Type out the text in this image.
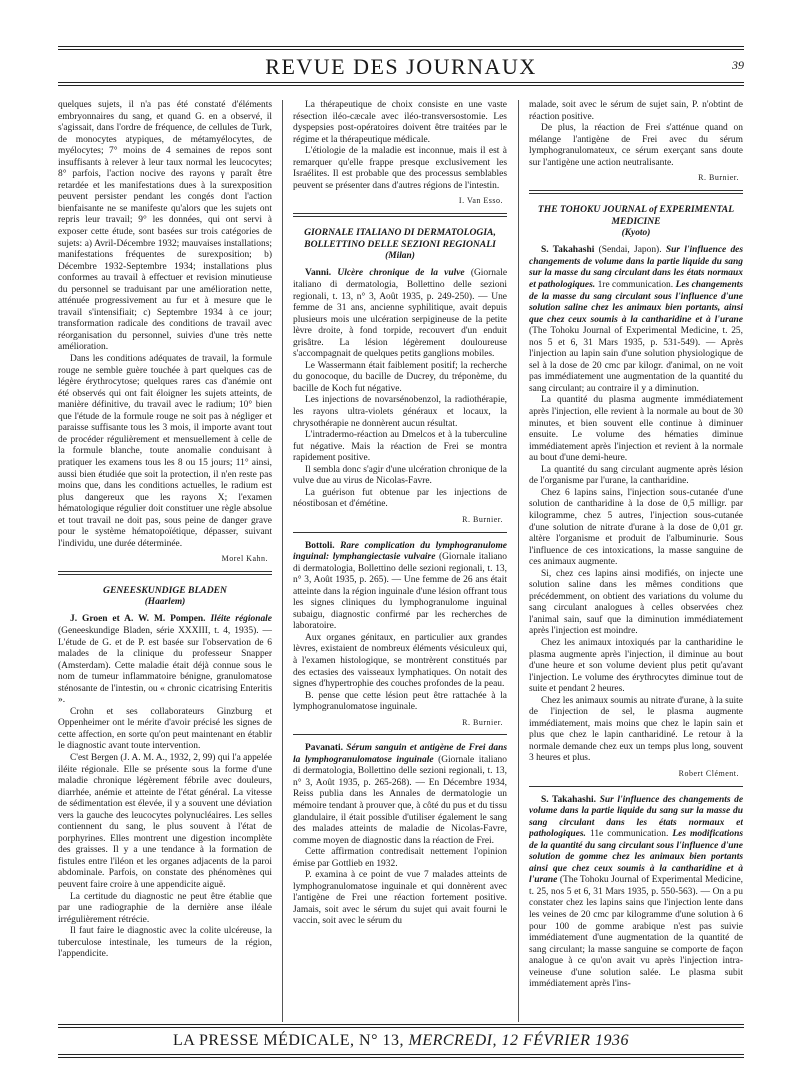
REVUE DES JOURNAUX	39

quelques sujets, il n'a pas été constaté d'éléments embryonnaires du sang, et quand G. en a observé, il s'agissait, dans l'ordre de fréquence, de cellules de Turk, de monocytes atypiques, de métamyélocytes, de myélocytes; 7° moins de 4 semaines de repos sont insuffisants à relever à leur taux normal les leucocytes; 8° parfois, l'action nocive des rayons γ paraît être retardée et les manifestations dues à la surexposition peuvent persister pendant les congés dont l'action bienfaisante ne se manifeste qu'alors que les sujets ont repris leur travail; 9° les données, qui ont servi à exposer cette étude, sont basées sur trois catégories de sujets: a) Avril-Décembre 1932; mauvaises installations; manifestations fréquentes de surexposition; b) Décembre 1932-Septembre 1934; installations plus conformes au travail à effectuer et revision minutieuse du personnel se traduisant par une amélioration nette, atténuée progressivement au fur et à mesure que le travail s'intensifiait; c) Septembre 1934 à ce jour; transformation radicale des conditions de travail avec réorganisation du personnel, suivies d'une très nette amélioration.

Dans les conditions adéquates de travail, la formule rouge ne semble guère touchée à part quelques cas de légère érythrocytose; quelques rares cas d'anémie ont été observés qui ont fait éloigner les sujets atteints, de manière définitive, du travail avec le radium; 10° bien que l'étude de la formule rouge ne soit pas à négliger et paraisse suffisante tous les 3 mois, il importe avant tout de procéder régulièrement et mensuellement à celle de la formule blanche, toute anomalie conduisant à pratiquer les examens tous les 8 ou 15 jours; 11° ainsi, aussi bien étudiée que soit la protection, il n'en reste pas moins que, dans les conditions actuelles, le radium est plus dangereux que les rayons X; l'examen hématologique régulier doit constituer une règle absolue et tout travail ne doit pas, sous peine de danger grave pour le système hématopoïétique, dépasser, suivant l'individu, une durée déterminée.

Morel Kahn.
GENEESKUNDIGE BLADEN
(Haarlem)

J. Groen et A. W. M. Pompen. Iléite régionale (Geneeskundige Bladen, série XXXIII, t. 4, 1935). — L'étude de G. et de P. est basée sur l'observation de 6 malades de la clinique du professeur Snapper (Amsterdam). Cette maladie était déjà connue sous le nom de tumeur inflammatoire bénigne, granulomatose sténosante de l'intestin, ou « chronic cicatrising Enteritis ».

Crohn et ses collaborateurs Ginzburg et Oppenheimer ont le mérite d'avoir précisé les signes de cette affection, en sorte qu'on peut maintenant en établir le diagnostic avant toute intervention.

C'est Bergen (J. A. M. A., 1932, 2, 99) qui l'a appelée iléite régionale. Elle se présente sous la forme d'une maladie chronique légèrement fébrile avec douleurs, diarrhée, anémie et atteinte de l'état général. La vitesse de sédimentation est élevée, il y a souvent une déviation vers la gauche des leucocytes polynucléaires. Les selles contiennent du sang, le plus souvent à l'état de porphyrines. Elles montrent une digestion incomplète des graisses. Il y a une tendance à la formation de fistules entre l'iléon et les organes adjacents de la paroi abdominale. Parfois, on constate des phénomènes qui peuvent faire croire à une appendicite aiguë.

La certitude du diagnostic ne peut être établie que par une radiographie de la dernière anse iléale irrégulièrement rétrécie.

Il faut faire le diagnostic avec la colite ulcéreuse, la tuberculose intestinale, les tumeurs de la région, l'appendicite.

La thérapeutique de choix consiste en une vaste résection iléo-cæcale avec iléo-transversostomie. Les dyspepsies post-opératoires doivent être traitées par le régime et la thérapeutique médicale.

L'étiologie de la maladie est inconnue, mais il est à remarquer qu'elle frappe presque exclusivement les Israélites. Il est probable que des processus semblables peuvent se présenter dans d'autres régions de l'intestin.

I. Van Esso.
GIORNALE ITALIANO DI DERMATOLOGIA, BOLLETTINO DELLE SEZIONI REGIONALI
(Milan)

Vanni. Ulcère chronique de la vulve (Giornale italiano di dermatologia, Bollettino delle sezioni regionali, t. 13, n° 3, Août 1935, p. 249-250). — Une femme de 31 ans, ancienne syphilitique, avait depuis plusieurs mois une ulcération serpigineuse de la petite lèvre droite, à fond torpide, recouvert d'un enduit grisâtre. La lésion légèrement douloureuse s'accompagnait de quelques petits ganglions mobiles.

Le Wassermann était faiblement positif; la recherche du gonocoque, du bacille de Ducrey, du tréponème, du bacille de Koch fut négative.

Les injections de novarsénobenzol, la radiothérapie, les rayons ultra-violets généraux et locaux, la chrysothérapie ne donnèrent aucun résultat.

L'intradermo-réaction au Dmelcos et à la tuberculine fut négative. Mais la réaction de Frei se montra rapidement positive.

Il sembla donc s'agir d'une ulcération chronique de la vulve due au virus de Nicolas-Favre.

La guérison fut obtenue par les injections de néostibosan et d'émétine.

R. Burnier.

Bottoli. Rare complication du lymphogranulome inguinal: lymphangiectasie vulvaire (Giornale italiano di dermatologia, Bollettino delle sezioni regionali, t. 13, n° 3, Août 1935, p. 265). — Une femme de 26 ans était atteinte dans la région inguinale d'une lésion offrant tous les signes cliniques du lymphogranulome inguinal subaigu, diagnostic confirmé par les recherches de laboratoire.

Aux organes génitaux, en particulier aux grandes lèvres, existaient de nombreux éléments vésiculeux qui, à l'examen histologique, se montrèrent constitués par des ectasies des vaisseaux lymphatiques. On notait des signes d'hypertrophie des couches profondes de la peau.

B. pense que cette lésion peut être rattachée à la lymphogranulomatose inguinale.

R. Burnier.

Pavanati. Sérum sanguin et antigène de Frei dans la lymphogranulomatose inguinale (Giornale italiano di dermatologia, Bollettino delle sezioni regionali, t. 13, n° 3, Août 1935, p. 265-268). — En Décembre 1934, Reiss publia dans les Annales de dermatologie un mémoire tendant à prouver que, à côté du pus et du tissu glandulaire, il était possible d'utiliser également le sang des malades atteints de maladie de Nicolas-Favre, comme moyen de diagnostic dans la réaction de Frei.

Cette affirmation contredisait nettement l'opinion émise par Gottlieb en 1932.

P. examina à ce point de vue 7 malades atteints de lymphogranulomatose inguinale et qui donnèrent avec l'antigène de Frei une réaction fortement positive. Jamais, soit avec le sérum du sujet qui avait fourni le vaccin, soit avec le sérum du

malade, soit avec le sérum de sujet sain, P. n'obtint de réaction positive.

De plus, la réaction de Frei s'atténue quand on mélange l'antigène de Frei avec du sérum lymphogranulomateux, ce sérum exerçant sans doute sur l'antigène une action neutralisante.

R. Burnier.
THE TOHOKU JOURNAL of EXPERIMENTAL MEDICINE
(Kyoto)

S. Takahashi (Sendai, Japon). Sur l'influence des changements de volume dans la partie liquide du sang sur la masse du sang circulant dans les états normaux et pathologiques. 1re communication. Les changements de la masse du sang circulant sous l'influence d'une solution saline chez les animaux bien portants, ainsi que chez ceux soumis à la cantharidine et à l'urane (The Tohoku Journal of Experimental Medicine, t. 25, nos 5 et 6, 31 Mars 1935, p. 531-549). — Après l'injection au lapin sain d'une solution physiologique de sel à la dose de 20 cmc par kilogr. d'animal, on ne voit pas immédiatement une augmentation de la quantité du sang circulant; au contraire il y a diminution.

La quantité du plasma augmente immédiatement après l'injection, elle revient à la normale au bout de 30 minutes, et bien souvent elle continue à diminuer ensuite. Le volume des hématies diminue immédiatement après l'injection et revient à la normale au bout d'une demi-heure.

La quantité du sang circulant augmente après lésion de l'organisme par l'urane, la cantharidine.

Chez 6 lapins sains, l'injection sous-cutanée d'une solution de cantharidine à la dose de 0,5 milligr. par kilogramme, chez 5 autres, l'injection sous-cutanée d'une solution de nitrate d'urane à la dose de 0,01 gr. altère l'organisme et produit de l'albuminurie. Sous l'influence de ces intoxications, la masse sanguine de ces animaux augmente.

Si, chez ces lapins ainsi modifiés, on injecte une solution saline dans les mêmes conditions que précédemment, on obtient des variations du volume du sang circulant analogues à celles observées chez l'animal sain, sauf que la diminution immédiatement après l'injection est moindre.

Chez les animaux intoxiqués par la cantharidine le plasma augmente après l'injection, il diminue au bout d'une heure et son volume devient plus petit qu'avant l'injection. Le volume des érythrocytes diminue tout de suite et pendant 2 heures.

Chez les animaux soumis au nitrate d'urane, à la suite de l'injection de sel, le plasma augmente immédiatement, mais moins que chez le lapin sain et plus que chez le lapin cantharidiné. Le retour à la normale demande chez eux un temps plus long, souvent 3 heures et plus.

Robert Clément.

S. Takahashi. Sur l'influence des changements de volume dans la partie liquide du sang sur la masse du sang circulant dans les états normaux et pathologiques. 11e communication. Les modifications de la quantité du sang circulant sous l'influence d'une solution de gomme chez les animaux bien portants ainsi que chez ceux soumis à la cantharidine et à l'urane (The Tohoku Journal of Experimental Medicine, t. 25, nos 5 et 6, 31 Mars 1935, p. 550-563). — On a pu constater chez les lapins sains que l'injection lente dans les veines de 20 cmc par kilogramme d'une solution à 6 pour 100 de gomme arabique n'est pas suivie immédiatement d'une augmentation de la quantité de sang circulant; la masse sanguine se comporte de façon analogue à ce qu'on avait vu après l'injection intra-veineuse d'une solution salée. Le plasma subit immédiatement après l'ins-

LA PRESSE MÉDICALE, N° 13, MERCREDI, 12 FÉVRIER 1936
